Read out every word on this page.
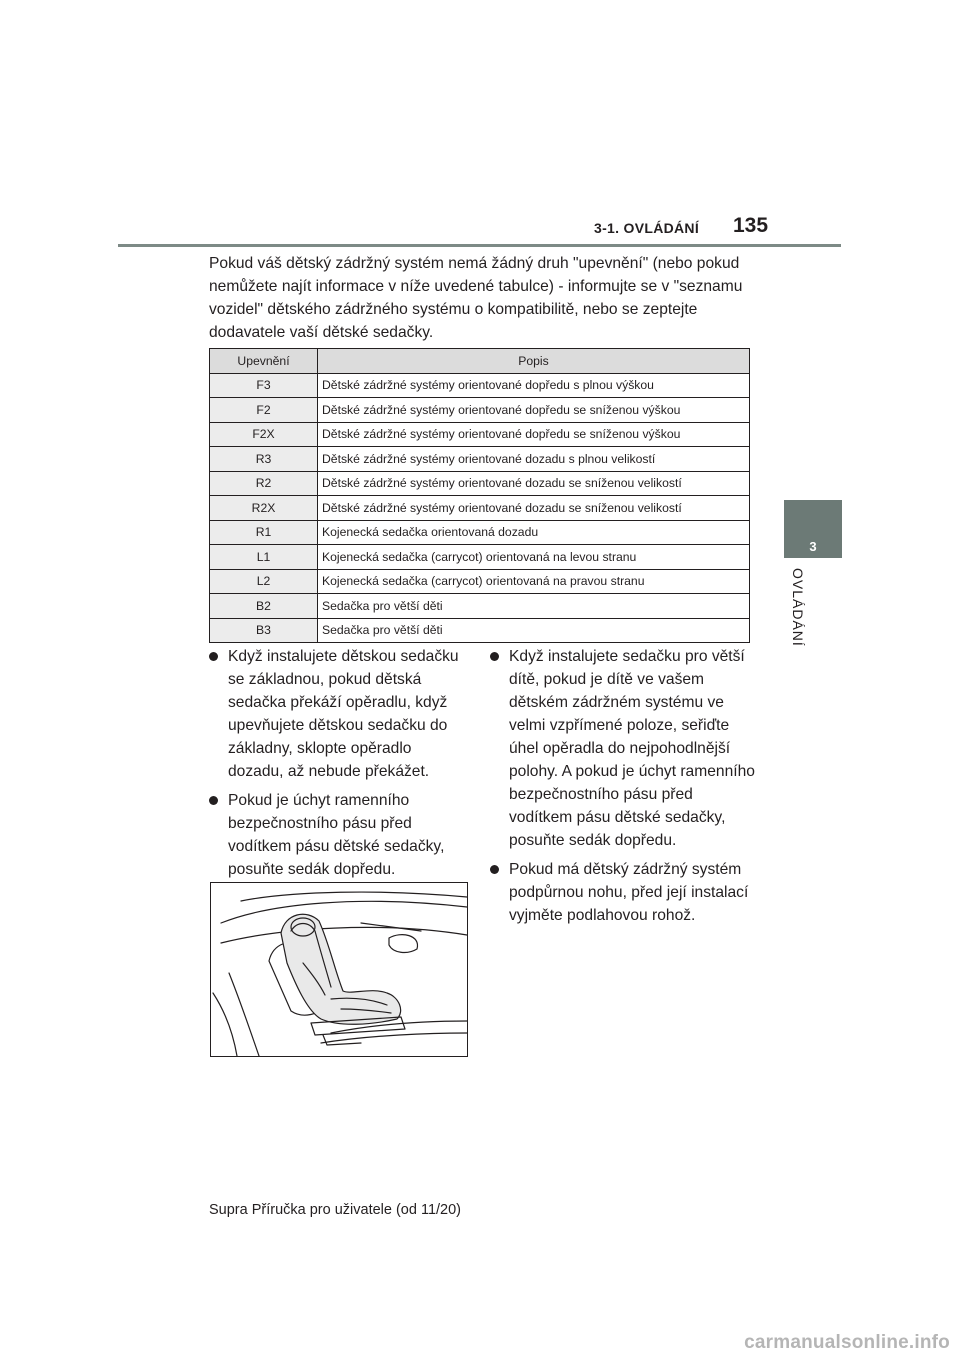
3-1. OVLÁDÁNÍ 135
3
OVLÁDÁNÍ

Pokud váš dětský zádržný systém nemá žádný druh "upevnění" (nebo pokud nemůžete najít informace v níže uvedené tabulce) - informujte se v "seznamu vozidel" dětského zádržného systému o kompatibilitě, nebo se zeptejte dodavatele vaší dětské sedačky.

Upevnění	Popis
F3	Dětské zádržné systémy orientované dopředu s plnou výškou
F2	Dětské zádržné systémy orientované dopředu se sníženou výškou
F2X	Dětské zádržné systémy orientované dopředu se sníženou výškou
R3	Dětské zádržné systémy orientované dozadu s plnou velikostí
R2	Dětské zádržné systémy orientované dozadu se sníženou velikostí
R2X	Dětské zádržné systémy orientované dozadu se sníženou velikostí
R1	Kojenecká sedačka orientovaná dozadu
L1	Kojenecká sedačka (carrycot) orientovaná na levou stranu
L2	Kojenecká sedačka (carrycot) orientovaná na pravou stranu
B2	Sedačka pro větší děti
B3	Sedačka pro větší děti
Když instalujete dětskou sedačku se základnou, pokud dětská sedačka překáží opěradlu, když upevňujete dětskou sedačku do základny, sklopte opěradlo dozadu, až nebude překážet.
Pokud je úchyt ramenního bezpečnostního pásu před vodítkem pásu dětské sedačky, posuňte sedák dopředu.
Když instalujete sedačku pro větší dítě, pokud je dítě ve vašem dětském zádržném systému ve velmi vzpřímené poloze, seřiďte úhel opěradla do nejpohodlnější polohy. A pokud je úchyt ramenního bezpečnostního pásu před vodítkem pásu dětské sedačky, posuňte sedák dopředu.
Pokud má dětský zádržný systém podpůrnou nohu, před její instalací vyjměte podlahovou rohož.
Supra Příručka pro uživatele (od 11/20)
carmanualsonline.info
